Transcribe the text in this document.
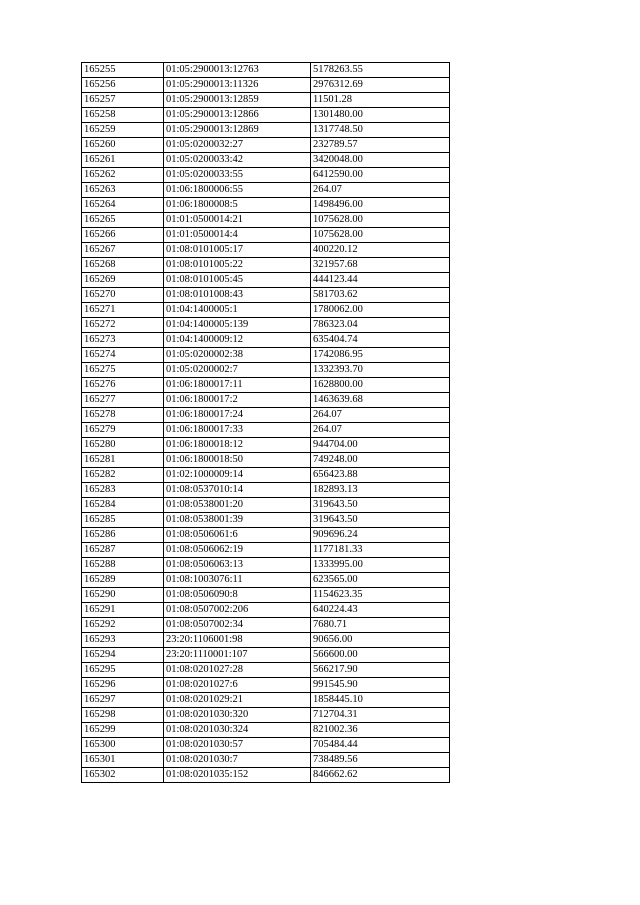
165255	01:05:2900013:12763	5178263.55
165256	01:05:2900013:11326	2976312.69
165257	01:05:2900013:12859	11501.28
165258	01:05:2900013:12866	1301480.00
165259	01:05:2900013:12869	1317748.50
165260	01:05:0200032:27	232789.57
165261	01:05:0200033:42	3420048.00
165262	01:05:0200033:55	6412590.00
165263	01:06:1800006:55	264.07
165264	01:06:1800008:5	1498496.00
165265	01:01:0500014:21	1075628.00
165266	01:01:0500014:4	1075628.00
165267	01:08:0101005:17	400220.12
165268	01:08:0101005:22	321957.68
165269	01:08:0101005:45	444123.44
165270	01:08:0101008:43	581703.62
165271	01:04:1400005:1	1780062.00
165272	01:04:1400005:139	786323.04
165273	01:04:1400009:12	635404.74
165274	01:05:0200002:38	1742086.95
165275	01:05:0200002:7	1332393.70
165276	01:06:1800017:11	1628800.00
165277	01:06:1800017:2	1463639.68
165278	01:06:1800017:24	264.07
165279	01:06:1800017:33	264.07
165280	01:06:1800018:12	944704.00
165281	01:06:1800018:50	749248.00
165282	01:02:1000009:14	656423.88
165283	01:08:0537010:14	182893.13
165284	01:08:0538001:20	319643.50
165285	01:08:0538001:39	319643.50
165286	01:08:0506061:6	909696.24
165287	01:08:0506062:19	1177181.33
165288	01:08:0506063:13	1333995.00
165289	01:08:1003076:11	623565.00
165290	01:08:0506090:8	1154623.35
165291	01:08:0507002:206	640224.43
165292	01:08:0507002:34	7680.71
165293	23:20:1106001:98	90656.00
165294	23:20:1110001:107	566600.00
165295	01:08:0201027:28	566217.90
165296	01:08:0201027:6	991545.90
165297	01:08:0201029:21	1858445.10
165298	01:08:0201030:320	712704.31
165299	01:08:0201030:324	821002.36
165300	01:08:0201030:57	705484.44
165301	01:08:0201030:7	738489.56
165302	01:08:0201035:152	846662.62
